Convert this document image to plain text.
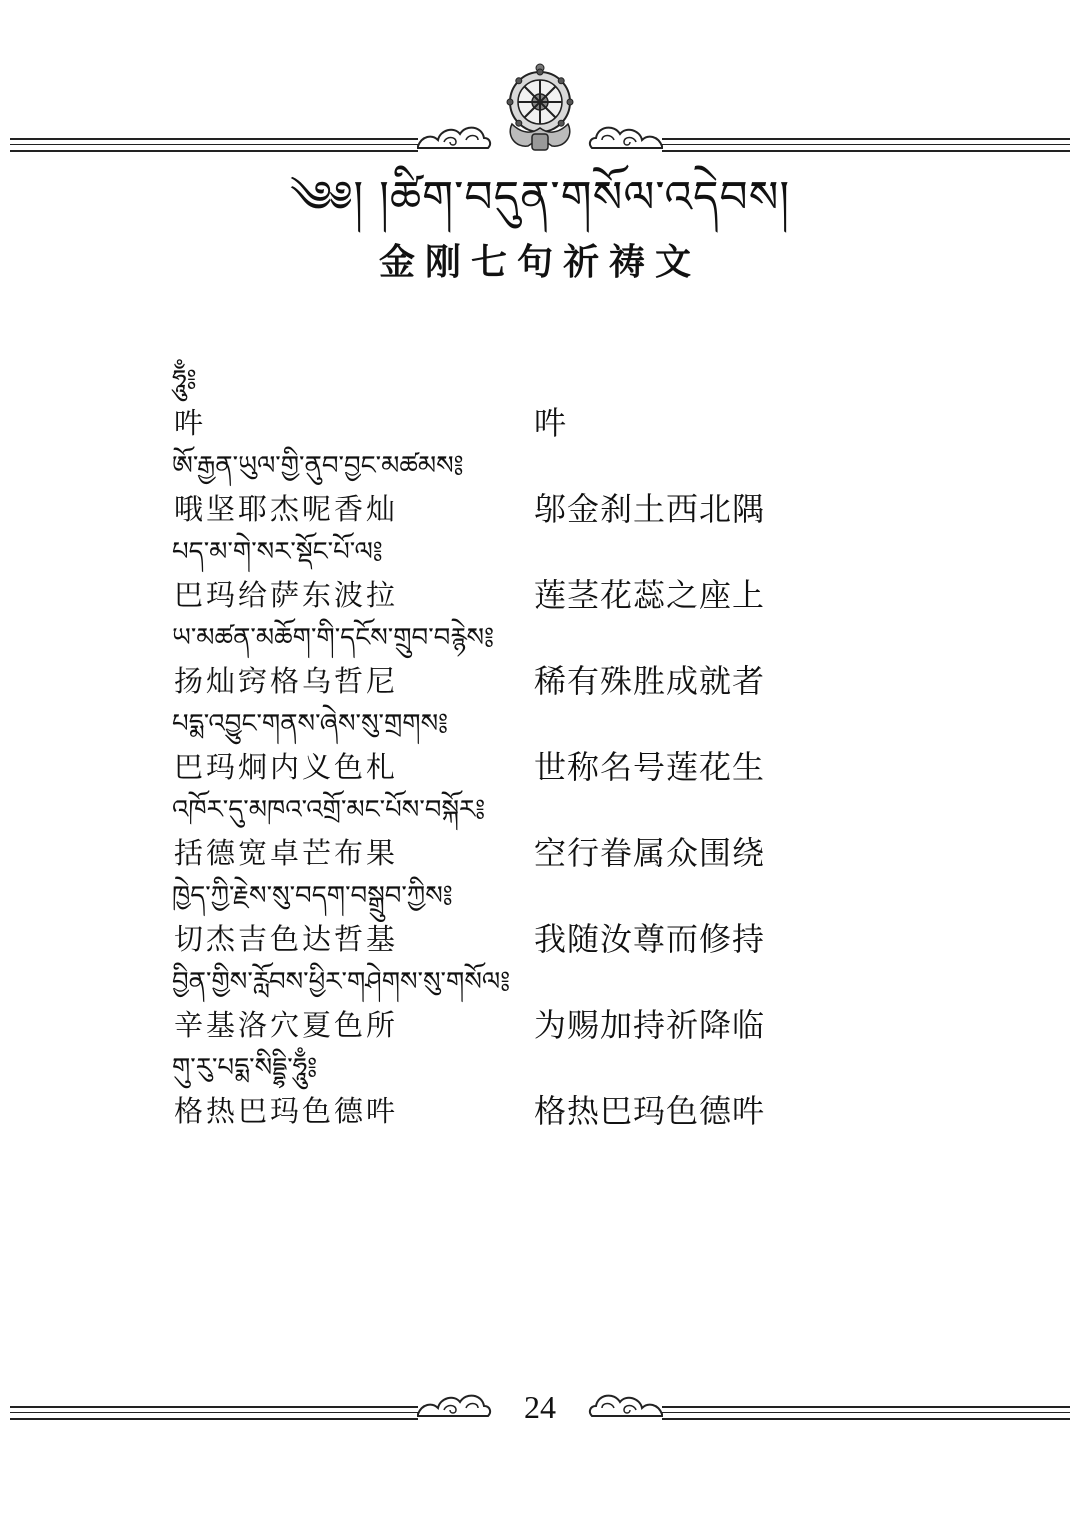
༄༅། །ཚིག་བདུན་གསོལ་འདེབས།
金刚七句祈祷文
ཧཱུྃ༔
吽	吽
ཨོ་རྒྱན་ཡུལ་གྱི་ནུབ་བྱང་མཚམས༔
哦坚耶杰呢香灿	邬金刹土西北隅
པད་མ་གེ་སར་སྡོང་པོ་ལ༔
巴玛给萨东波拉	莲茎花蕊之座上
ཡ་མཚན་མཆོག་གི་དངོས་གྲུབ་བརྙེས༔
扬灿窍格乌哲尼	稀有殊胜成就者
པདྨ་འབྱུང་གནས་ཞེས་སུ་གྲགས༔
巴玛炯内义色札	世称名号莲花生
འཁོར་དུ་མཁའ་འགྲོ་མང་པོས་བསྐོར༔
括德宽卓芒布果	空行眷属众围绕
ཁྱེད་ཀྱི་རྗེས་སུ་བདག་བསྒྲུབ་ཀྱིས༔
切杰吉色达哲基	我随汝尊而修持
བྱིན་གྱིས་རློབས་ཕྱིར་གཤེགས་སུ་གསོལ༔
辛基洛穴夏色所	为赐加持祈降临
གུ་རུ་པདྨ་སིདྡྷི་ཧཱུྃ༔
格热巴玛色德吽	格热巴玛色德吽
24
